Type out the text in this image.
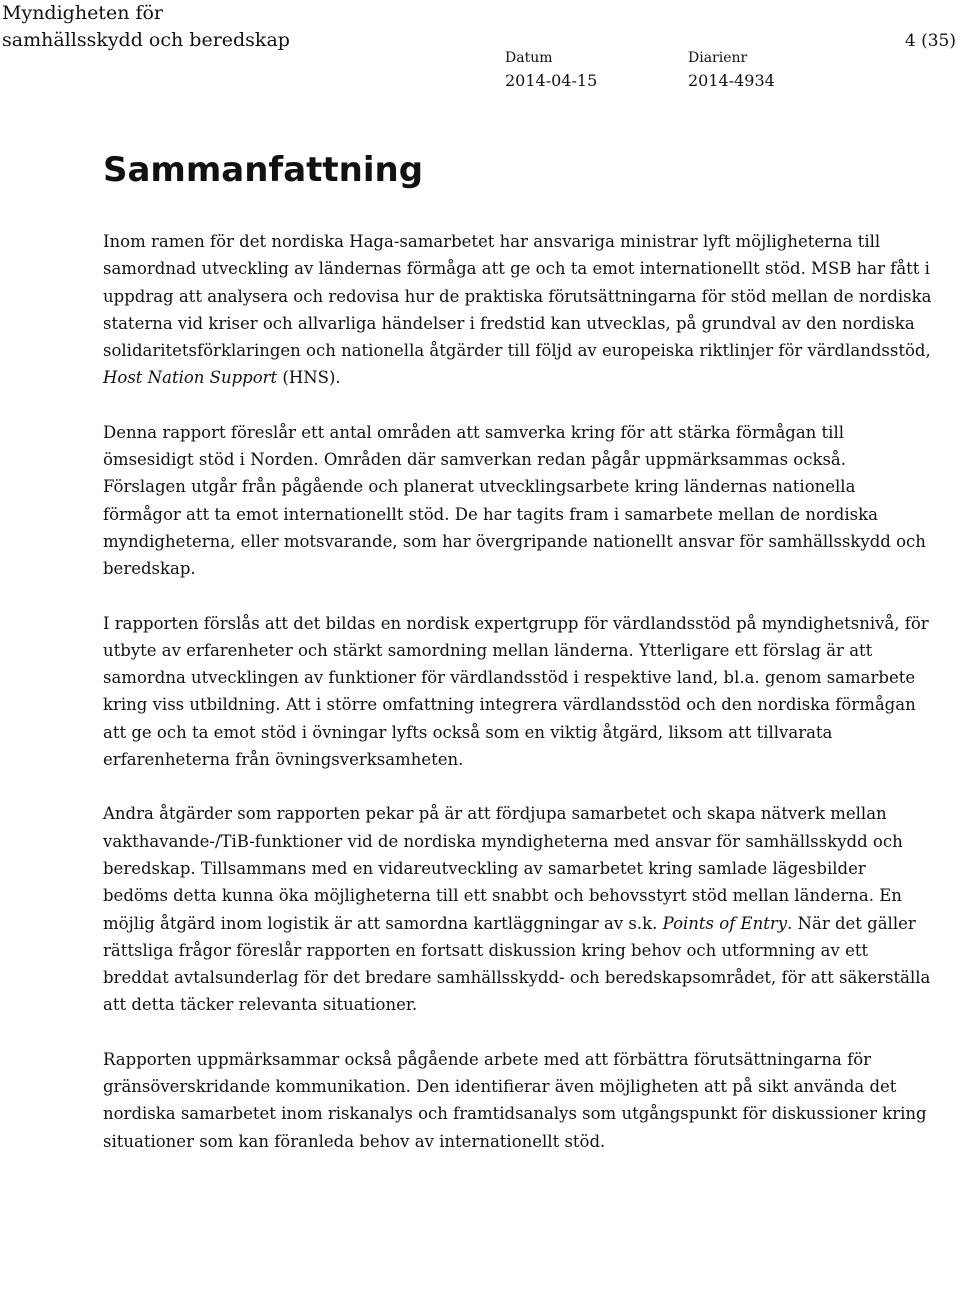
Myndigheten för
samhällsskydd och beredskap	4 (35)
Datum
2014-04-15
Diarienr
2014-4934
Sammanfattning

Inom ramen för det nordiska Haga-samarbetet har ansvariga ministrar lyft möjligheterna till samordnad utveckling av ländernas förmåga att ge och ta emot internationellt stöd. MSB har fått i uppdrag att analysera och redovisa hur de praktiska förutsättningarna för stöd mellan de nordiska staterna vid kriser och allvarliga händelser i fredstid kan utvecklas, på grundval av den nordiska solidaritetsförklaringen och nationella åtgärder till följd av europeiska riktlinjer för värdlandsstöd, Host Nation Support (HNS).

Denna rapport föreslår ett antal områden att samverka kring för att stärka förmågan till ömsesidigt stöd i Norden. Områden där samverkan redan pågår uppmärksammas också. Förslagen utgår från pågående och planerat utvecklingsarbete kring ländernas nationella förmågor att ta emot internationellt stöd. De har tagits fram i samarbete mellan de nordiska myndigheterna, eller motsvarande, som har övergripande nationellt ansvar för samhällsskydd och beredskap.

I rapporten förslås att det bildas en nordisk expertgrupp för värdlandsstöd på myndighetsnivå, för utbyte av erfarenheter och stärkt samordning mellan länderna. Ytterligare ett förslag är att samordna utvecklingen av funktioner för värdlandsstöd i respektive land, bl.a. genom samarbete kring viss utbildning. Att i större omfattning integrera värdlandsstöd och den nordiska förmågan att ge och ta emot stöd i övningar lyfts också som en viktig åtgärd, liksom att tillvarata erfarenheterna från övningsverksamheten.

Andra åtgärder som rapporten pekar på är att fördjupa samarbetet och skapa nätverk mellan vakthavande-/TiB-funktioner vid de nordiska myndigheterna med ansvar för samhällsskydd och beredskap. Tillsammans med en vidareutveckling av samarbetet kring samlade lägesbilder bedöms detta kunna öka möjligheterna till ett snabbt och behovsstyrt stöd mellan länderna. En möjlig åtgärd inom logistik är att samordna kartläggningar av s.k. Points of Entry. När det gäller rättsliga frågor föreslår rapporten en fortsatt diskussion kring behov och utformning av ett breddat avtalsunderlag för det bredare samhällsskydd- och beredskapsområdet, för att säkerställa att detta täcker relevanta situationer.

Rapporten uppmärksammar också pågående arbete med att förbättra förutsättningarna för gränsöverskridande kommunikation. Den identifierar även möjligheten att på sikt använda det nordiska samarbetet inom riskanalys och framtidsanalys som utgångspunkt för diskussioner kring situationer som kan föranleda behov av internationellt stöd.
